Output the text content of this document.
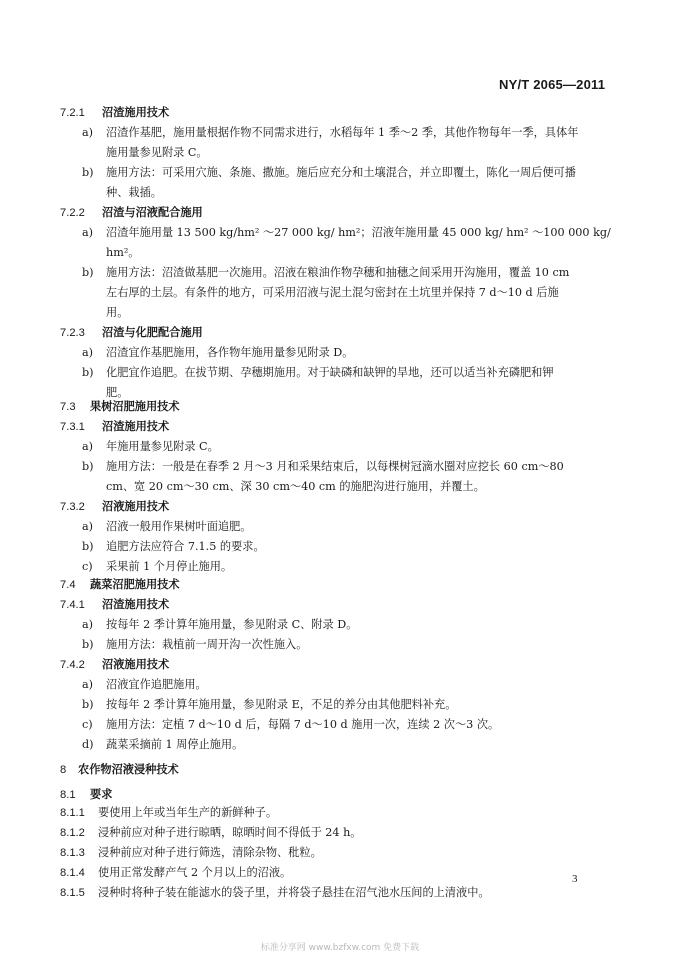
NY/T 2065—2011
7.2.1 沼渣施用技术
a) 沼渣作基肥，施用量根据作物不同需求进行，水稻每年 1 季～2 季，其他作物每年一季，具体年
施用量参见附录 C。
b) 施用方法：可采用穴施、条施、撒施。施后应充分和土壤混合，并立即覆土，陈化一周后便可播
种、栽插。
7.2.2 沼渣与沼液配合施用
a) 沼渣年施用量 13 500 kg/hm² ～27 000 kg/ hm²；沼液年施用量 45 000 kg/ hm² ～100 000 kg/
hm²。
b) 施用方法：沼渣做基肥一次施用。沼液在粮油作物孕穗和抽穗之间采用开沟施用，覆盖 10 cm
左右厚的土层。有条件的地方，可采用沼液与泥土混匀密封在土坑里并保持 7 d～10 d 后施
用。
7.2.3 沼渣与化肥配合施用
a) 沼渣宜作基肥施用，各作物年施用量参见附录 D。
b) 化肥宜作追肥。在拔节期、孕穗期施用。对于缺磷和缺钾的旱地，还可以适当补充磷肥和钾
肥。
7.3 果树沼肥施用技术
7.3.1 沼渣施用技术
a) 年施用量参见附录 C。
b) 施用方法：一般是在春季 2 月～3 月和采果结束后，以每棵树冠滴水圈对应挖长 60 cm～80
cm、宽 20 cm～30 cm、深 30 cm～40 cm 的施肥沟进行施用，并覆土。
7.3.2 沼液施用技术
a) 沼液一般用作果树叶面追肥。
b) 追肥方法应符合 7.1.5 的要求。
c) 采果前 1 个月停止施用。
7.4 蔬菜沼肥施用技术
7.4.1 沼渣施用技术
a) 按每年 2 季计算年施用量，参见附录 C、附录 D。
b) 施用方法：栽植前一周开沟一次性施入。
7.4.2 沼液施用技术
a) 沼液宜作追肥施用。
b) 按每年 2 季计算年施用量，参见附录 E，不足的养分由其他肥料补充。
c) 施用方法：定植 7 d～10 d 后，每隔 7 d～10 d 施用一次，连续 2 次～3 次。
d) 蔬菜采摘前 1 周停止施用。
8 农作物沼液浸种技术
8.1 要求
8.1.1 要使用上年或当年生产的新鲜种子。
8.1.2 浸种前应对种子进行晾晒，晾晒时间不得低于 24 h。
8.1.3 浸种前应对种子进行筛选，清除杂物、秕粒。
8.1.4 使用正常发酵产气 2 个月以上的沼液。
8.1.5 浸种时将种子装在能滤水的袋子里，并将袋子悬挂在沼气池水压间的上清液中。
3
标准分享网 www.bzfxw.com 免费下载
